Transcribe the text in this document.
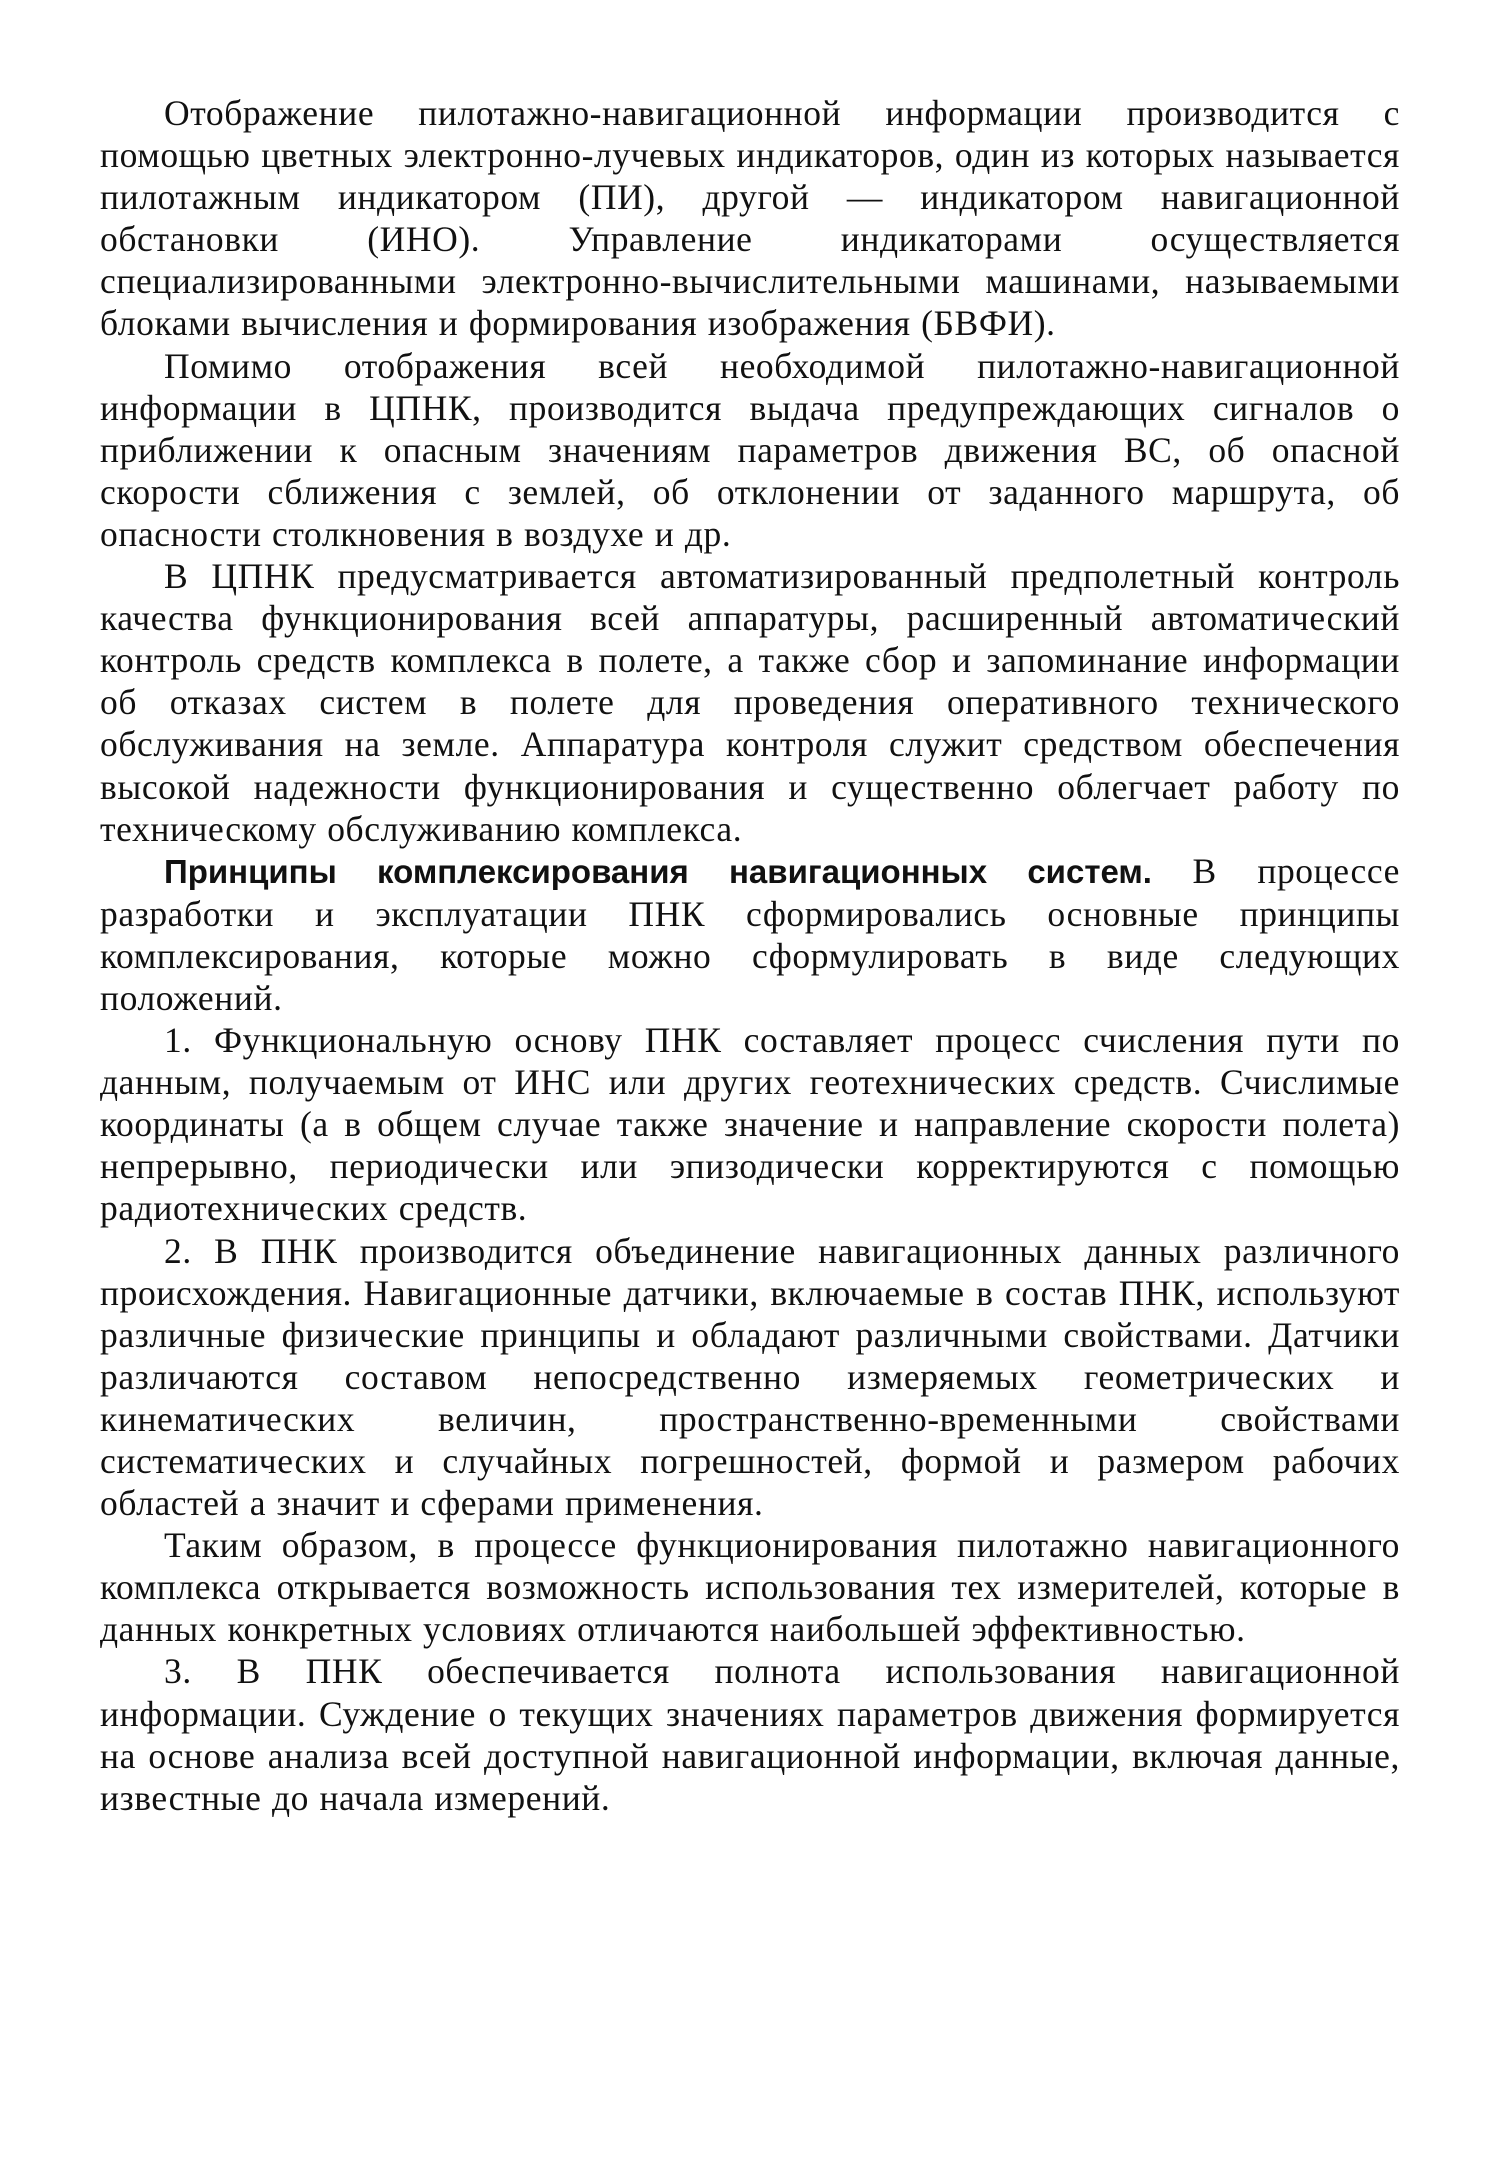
Отображение пилотажно-навигационной информации производится с помощью цветных электронно-лучевых индикаторов, один из которых называется пилотажным индикатором (ПИ), другой — индикатором навигационной обстановки (ИНО). Управление индикаторами осуществляется специализированными электронно-вычислительными машинами, называемыми блоками вычисления и формирования изображения (БВФИ).

Помимо отображения всей необходимой пилотажно-навигационной информации в ЦПНК, производится выдача предупреждающих сигналов о приближении к опасным значениям параметров движения ВС, об опасной скорости сближения с землей, об отклонении от заданного маршрута, об опасности столкновения в воздухе и др.

В ЦПНК предусматривается автоматизированный предполетный контроль качества функционирования всей аппаратуры, расширенный автоматический контроль средств комплекса в полете, а также сбор и запоминание информации об отказах систем в полете для проведения оперативного технического обслуживания на земле. Аппаратура контроля служит средством обеспечения высокой надежности функционирования и существенно облегчает работу по техническому обслуживанию комплекса.

Принципы комплексирования навигационных систем. В процессе разработки и эксплуатации ПНК сформировались основные принципы комплексирования, которые можно сформулировать в виде следующих положений.

1. Функциональную основу ПНК составляет процесс счисления пути по данным, получаемым от ИНС или других геотехнических средств. Счислимые координаты (а в общем случае также значение и направление скорости полета) непрерывно, периодически или эпизодически корректируются с помощью радиотехнических средств.

2. В ПНК производится объединение навигационных данных различного происхождения. Навигационные датчики, включаемые в состав ПНК, используют различные физические принципы и обладают различными свойствами. Датчики различаются составом непосредственно измеряемых геометрических и кинематических величин, пространственно-временными свойствами систематических и случайных погрешностей, формой и размером рабочих областей а значит и сферами применения.

Таким образом, в процессе функционирования пилотажно навигационного комплекса открывается возможность использования тех измерителей, которые в данных конкретных условиях отличаются наибольшей эффективностью.

3. В ПНК обеспечивается полнота использования навигационной информации. Суждение о текущих значениях параметров движения формируется на основе анализа всей доступной навигационной информации, включая данные, известные до начала измерений.
